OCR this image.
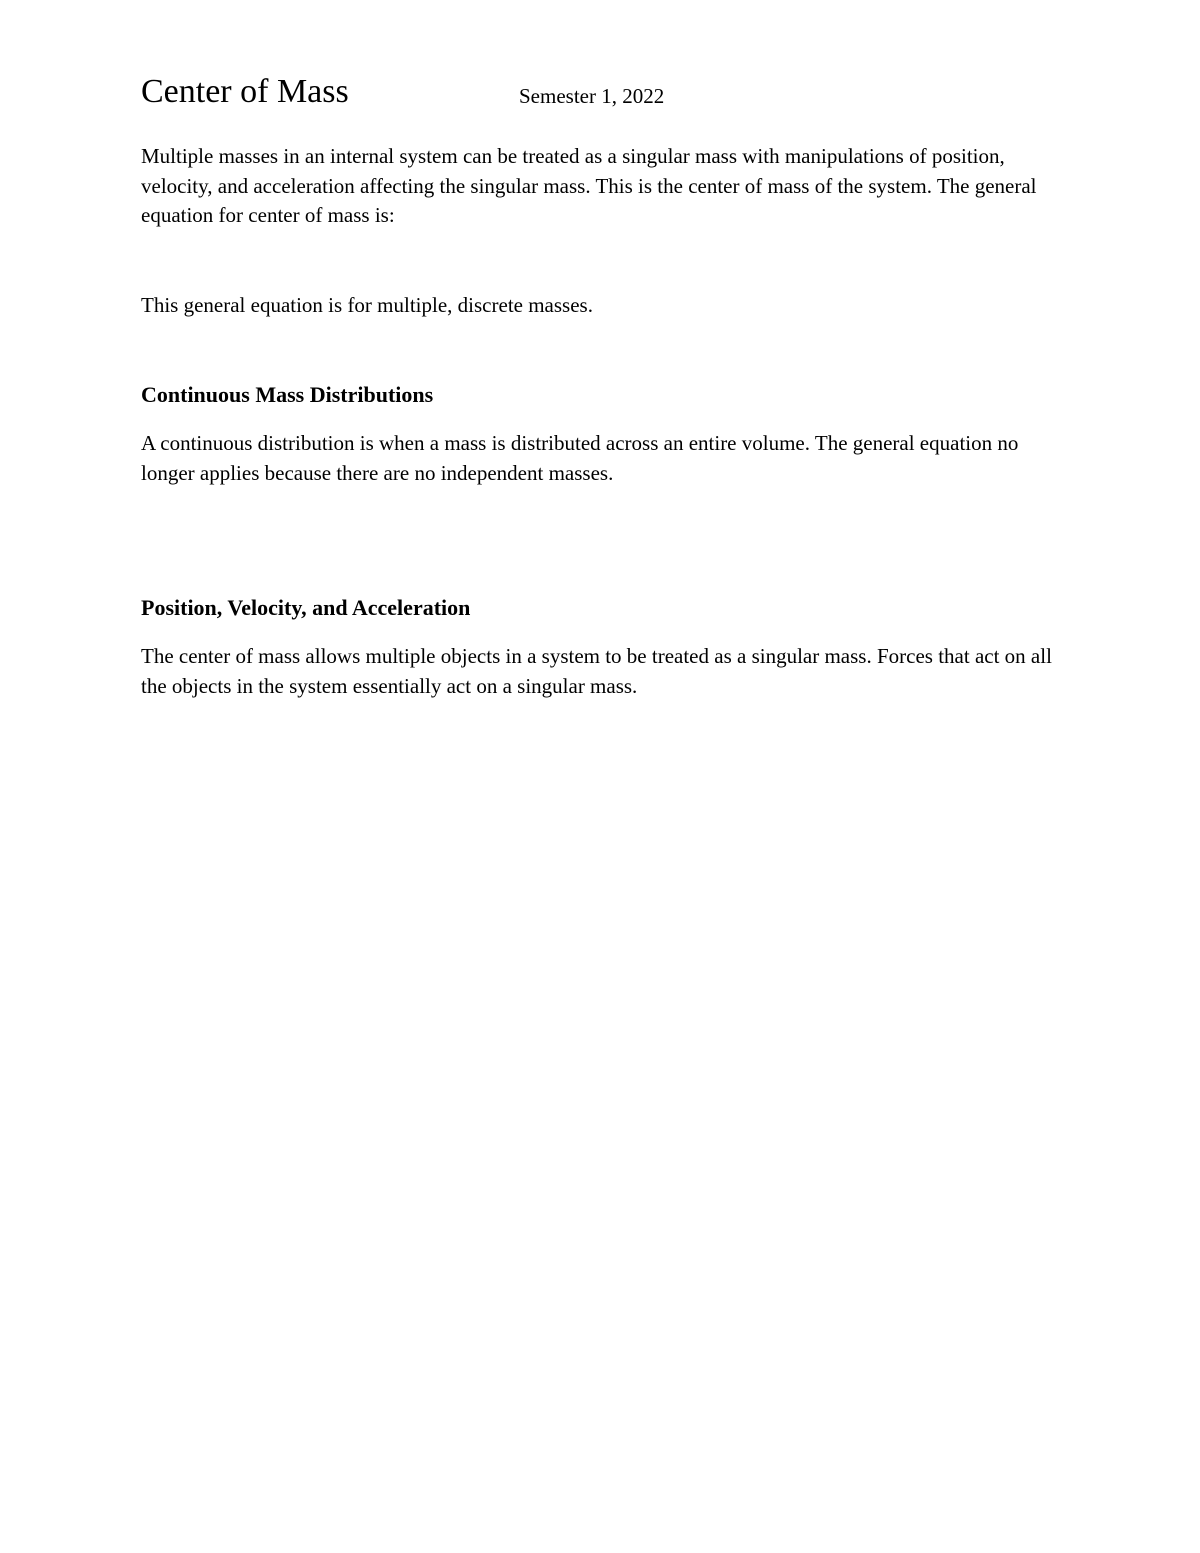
Center of Mass	Semester 1, 2022

Multiple masses in an internal system can be treated as a singular mass with manipulations of position, velocity, and acceleration affecting the singular mass. This is the center of mass of the system. The general equation for center of mass is:

This general equation is for multiple, discrete masses.

Continuous Mass Distributions

A continuous distribution is when a mass is distributed across an entire volume. The general equation no longer applies because there are no independent masses.

Position, Velocity, and Acceleration

The center of mass allows multiple objects in a system to be treated as a singular mass. Forces that act on all the objects in the system essentially act on a singular mass.
